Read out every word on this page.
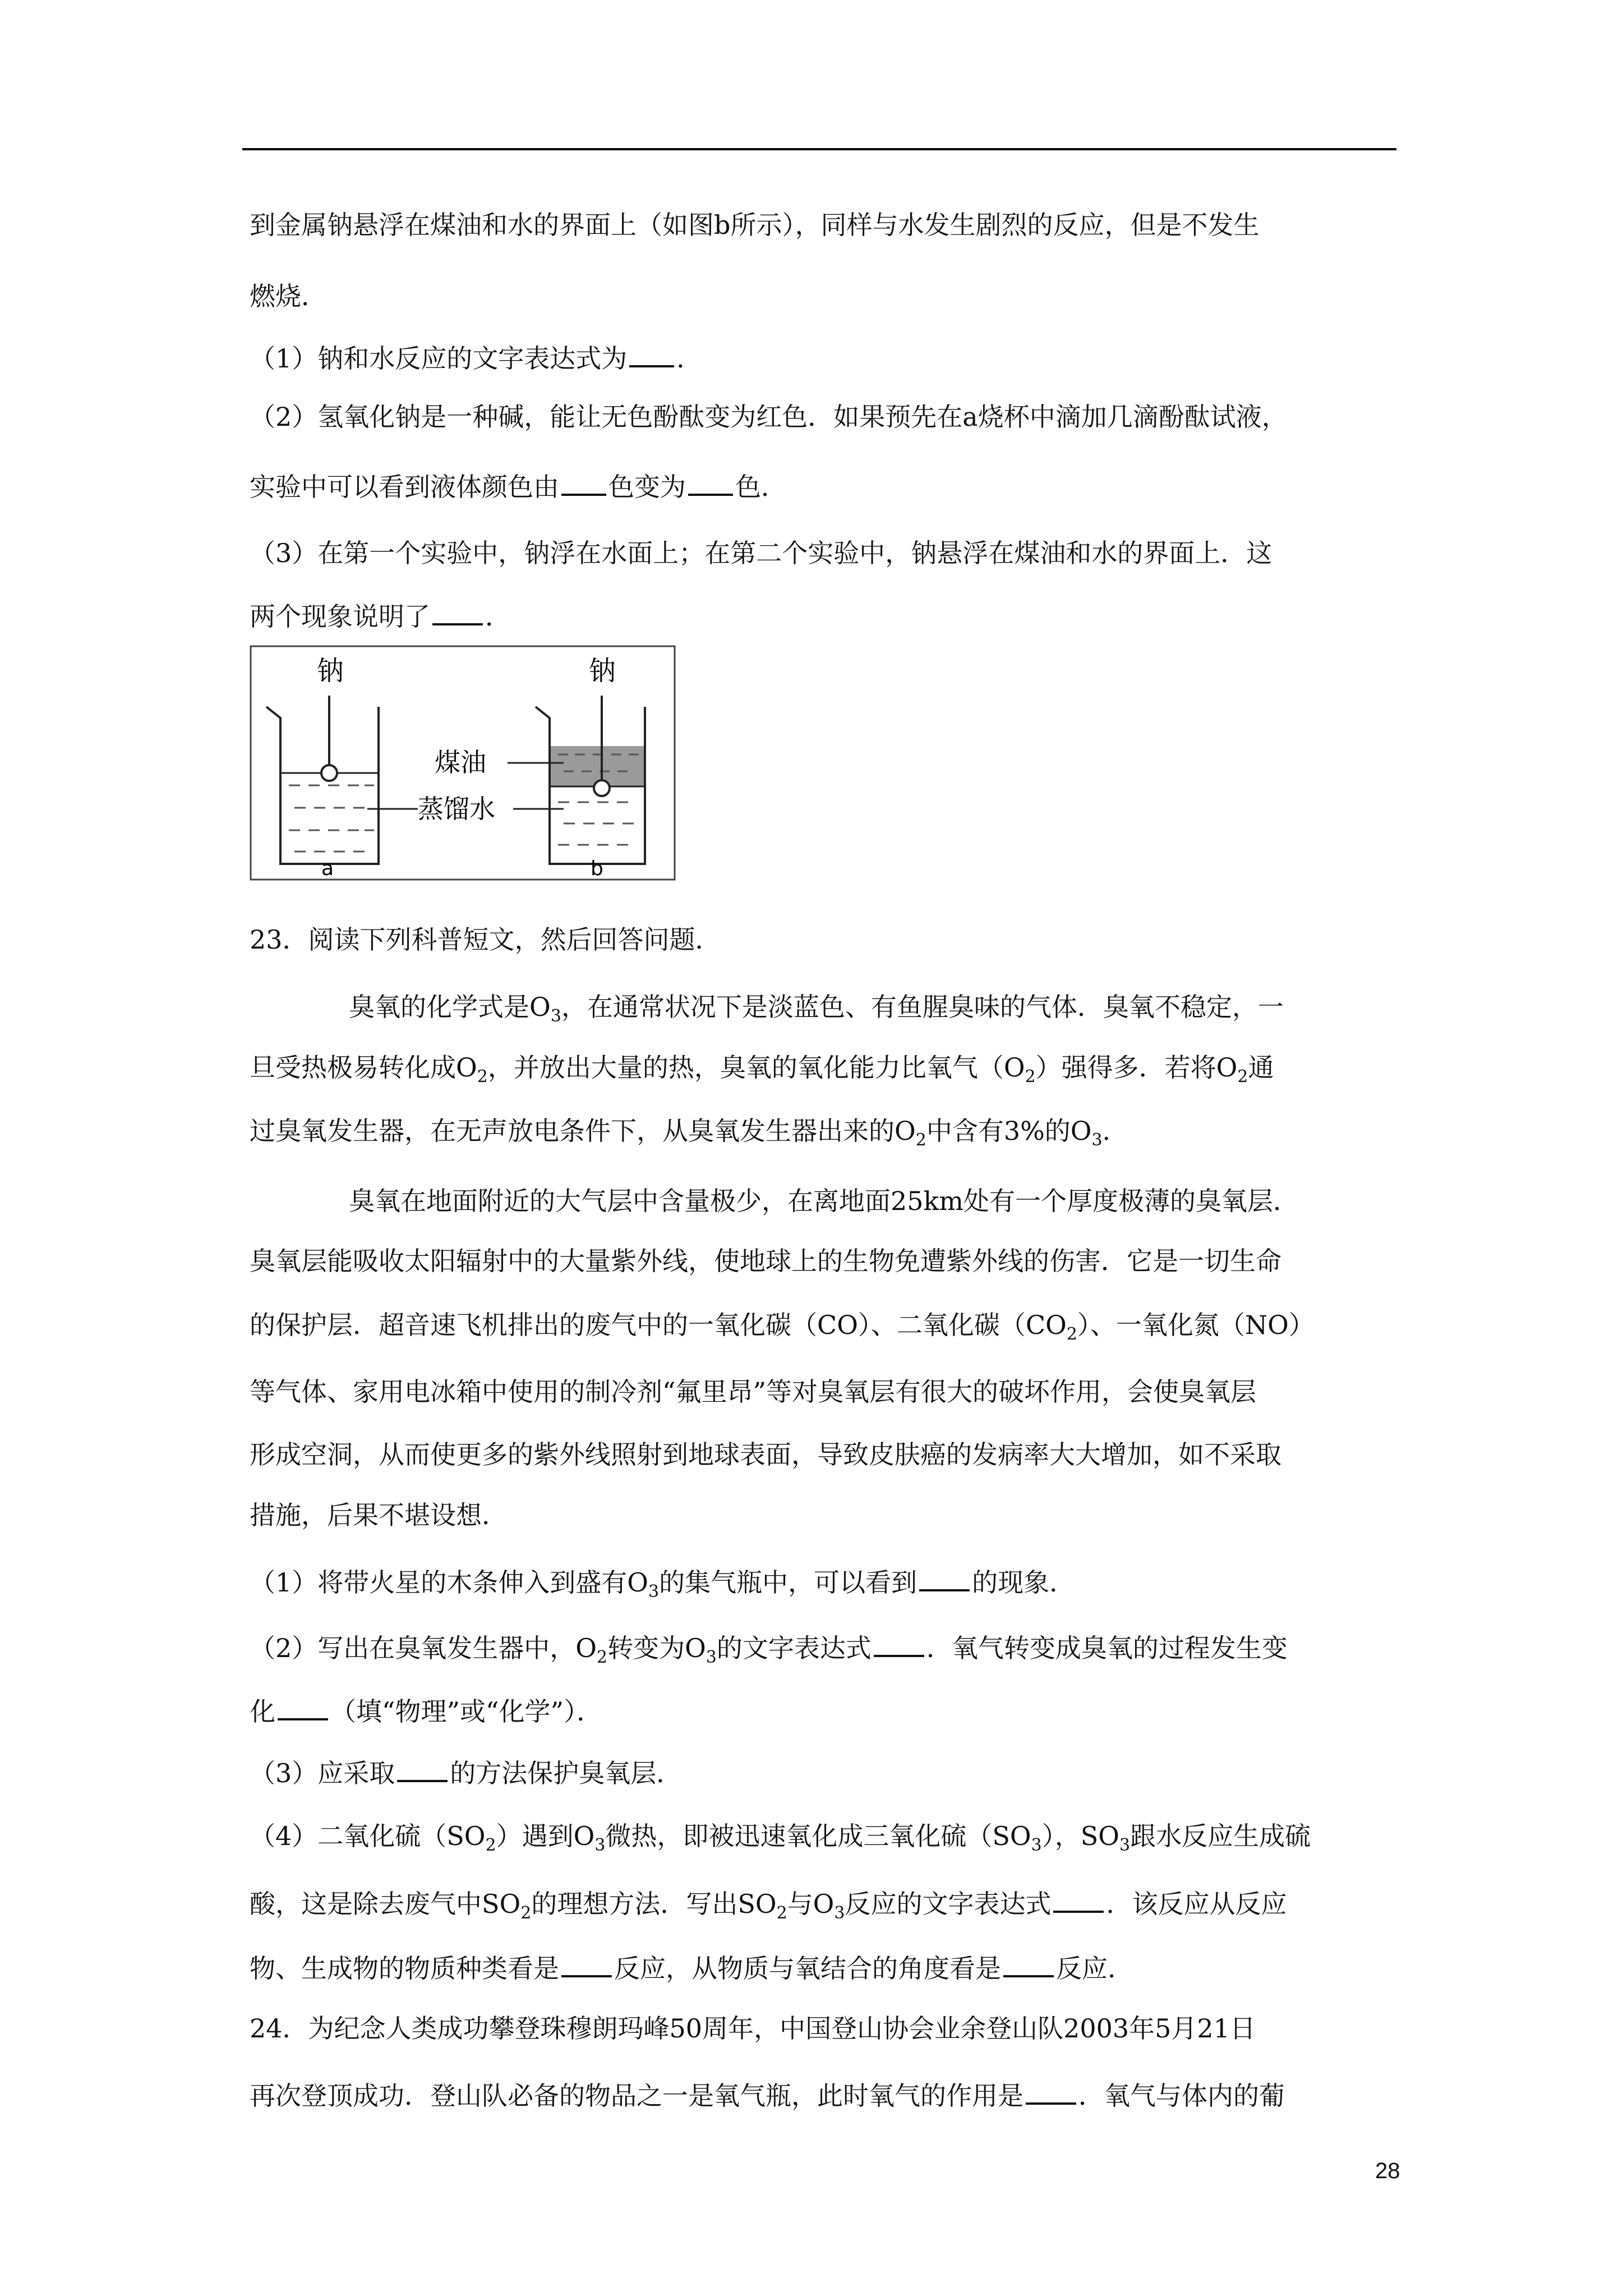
到金属钠悬浮在煤油和水的界面上（如图b所示），同样与水发生剧烈的反应，但是不发生
燃烧．
（1）钠和水反应的文字表达式为 ．
（2）氢氧化钠是一种碱，能让无色酚酞变为红色．如果预先在a烧杯中滴加几滴酚酞试液，
实验中可以看到液体颜色由 色变为 色．
（3）在第一个实验中，钠浮在水面上；在第二个实验中，钠悬浮在煤油和水的界面上．这
两个现象说明了 ．
钠
a
钠
b
煤油
蒸馏水
23．阅读下列科普短文，然后回答问题．
臭氧的化学式是$O_3$，在通常状况下是淡蓝色、有鱼腥臭味的气体．臭氧不稳定，一
旦受热极易转化成$O_2$，并放出大量的热，臭氧的氧化能力比氧气$(O_2)$强得多．若将$O_2$通
过臭氧发生器，在无声放电条件下，从臭氧发生器出来的$O_2$中含有3%的$O_3$．
臭氧在地面附近的大气层中含量极少，在离地面25km处有一个厚度极薄的臭氧层．
臭氧层能吸收太阳辐射中的大量紫外线，使地球上的生物免遭紫外线的伤害．它是一切生命
的保护层．超音速飞机排出的废气中的一氧化碳（CO）、二氧化碳$(CO_2)$、一氧化氮（NO）
等气体、家用电冰箱中使用的制冷剂“氟里昂”等对臭氧层有很大的破坏作用，会使臭氧层
形成空洞，从而使更多的紫外线照射到地球表面，导致皮肤癌的发病率大大增加，如不采取
措施，后果不堪设想．
（1）将带火星的木条伸入到盛有$O_3$的集气瓶中，可以看到 的现象．
（2）写出在臭氧发生器中，$O_2$转变为$O_3$的文字表达式 ．氧气转变成臭氧的过程发生变
化 （填“物理”或“化学”）．
（3）应采取 的方法保护臭氧层．
（4）二氧化硫$(SO_2)$遇到$O_3$微热，即被迅速氧化成三氧化硫$(SO_3)$，$SO_3$跟水反应生成硫
酸，这是除去废气中$SO_2$的理想方法．写出$SO_2$与$O_3$反应的文字表达式 ．该反应从反应
物、生成物的物质种类看是 反应，从物质与氧结合的角度看是 反应．
24．为纪念人类成功攀登珠穆朗玛峰50周年，中国登山协会业余登山队2003年5月21日
再次登顶成功．登山队必备的物品之一是氧气瓶，此时氧气的作用是 ．氧气与体内的葡
28
